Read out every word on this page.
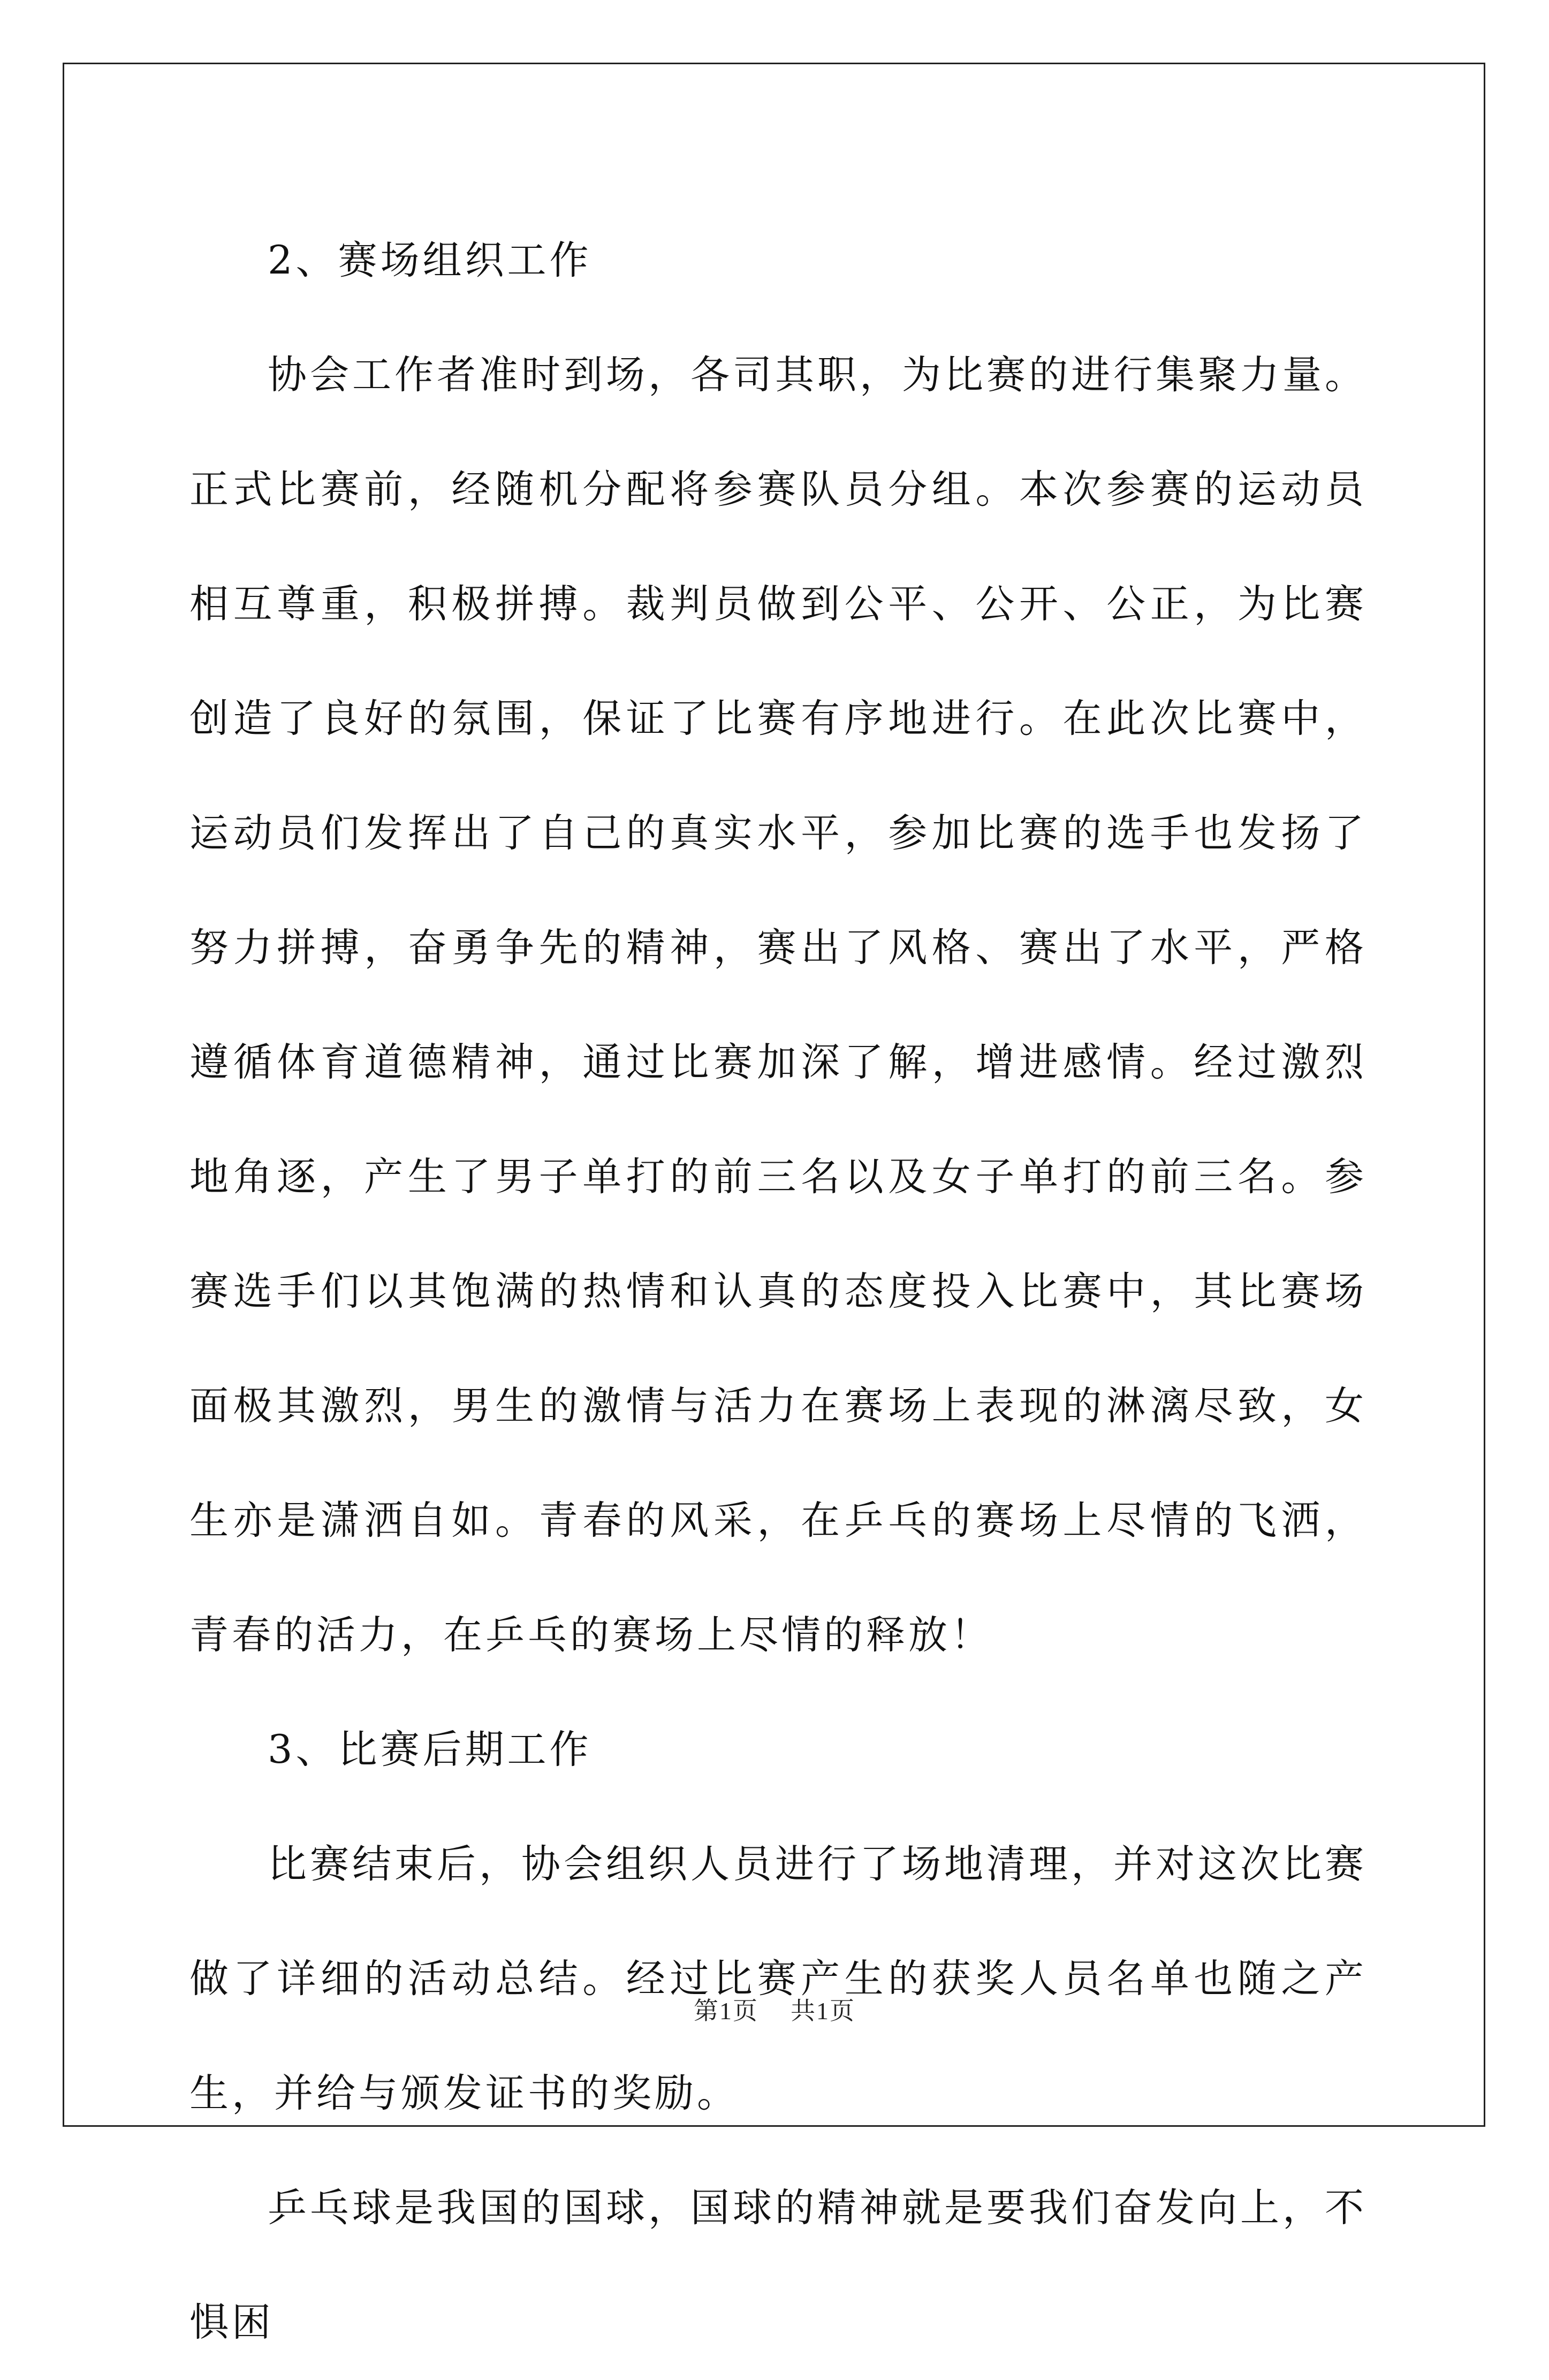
2、赛场组织工作

协会工作者准时到场，各司其职，为比赛的进行集聚力量。正式比赛前，经随机分配将参赛队员分组。本次参赛的运动员相互尊重，积极拼搏。裁判员做到公平、公开、公正，为比赛创造了良好的氛围，保证了比赛有序地进行。在此次比赛中，运动员们发挥出了自己的真实水平，参加比赛的选手也发扬了努力拼搏，奋勇争先的精神，赛出了风格、赛出了水平，严格遵循体育道德精神，通过比赛加深了解，增进感情。经过激烈地角逐，产生了男子单打的前三名以及女子单打的前三名。参赛选手们以其饱满的热情和认真的态度投入比赛中，其比赛场面极其激烈，男生的激情与活力在赛场上表现的淋漓尽致，女生亦是潇洒自如。青春的风采，在乒乓的赛场上尽情的飞洒，青春的活力，在乒乓的赛场上尽情的释放！

3、比赛后期工作

比赛结束后，协会组织人员进行了场地清理，并对这次比赛做了详细的活动总结。经过比赛产生的获奖人员名单也随之产生，并给与颁发证书的奖励。

乒乓球是我国的国球，国球的精神就是要我们奋发向上，不惧困

第1页 共1页
